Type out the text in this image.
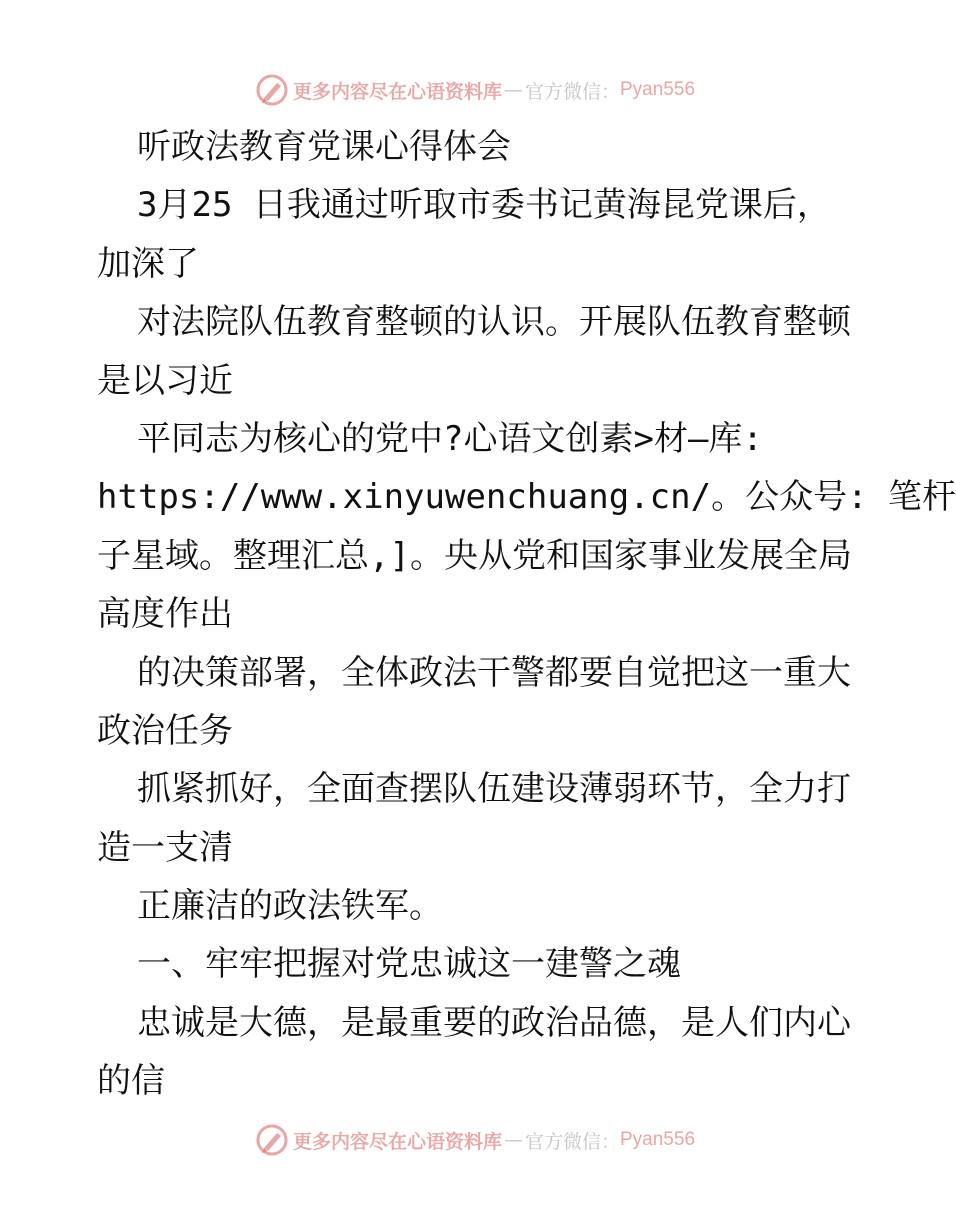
更多内容尽在心语资料库 — 官方微信： Pyan556
听政法教育党课心得体会
3月25 日我通过听取市委书记黄海昆党课后，
加深了
对法院队伍教育整顿的认识。开展队伍教育整顿
是以习近
平同志为核心的党中?心语文创素>材—库:
https://www.xinyuwenchuang.cn/。公众号: 笔杆
子星域。整理汇总,]。央从党和国家事业发展全局
高度作出
的决策部署，全体政法干警都要自觉把这一重大
政治任务
抓紧抓好，全面查摆队伍建设薄弱环节，全力打
造一支清
正廉洁的政法铁军。
一、牢牢把握对党忠诚这一建警之魂
忠诚是大德，是最重要的政治品德，是人们内心
的信
更多内容尽在心语资料库 — 官方微信： Pyan556
